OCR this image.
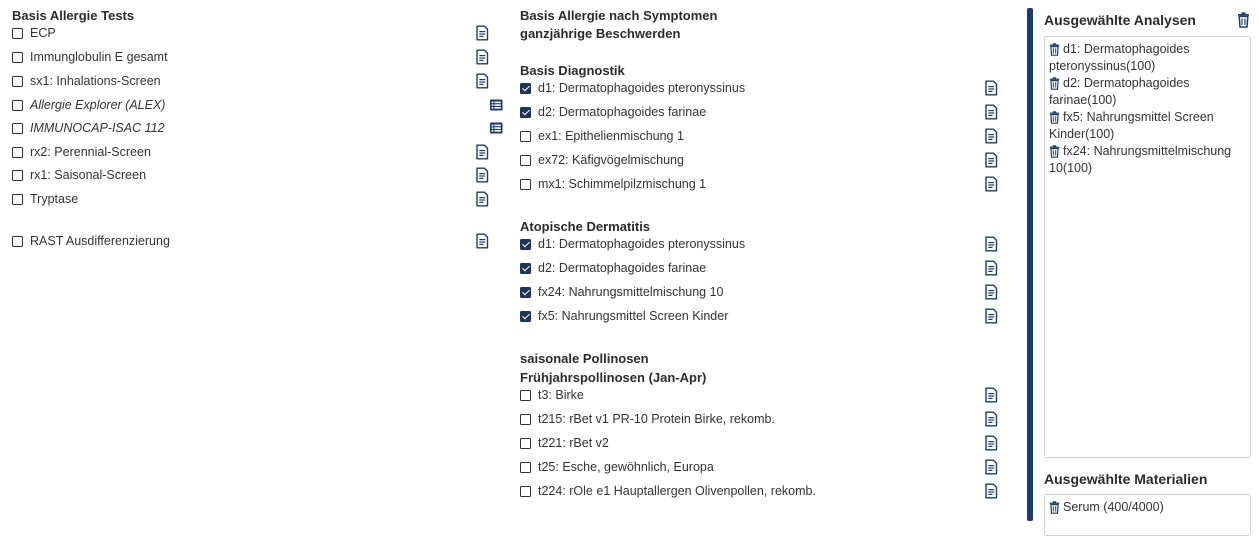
Basis Allergie Tests
ECP
Immunglobulin E gesamt
sx1: Inhalations-Screen
Allergie Explorer (ALEX)
IMMUNOCAP-ISAC 112
rx2: Perennial-Screen
rx1: Saisonal-Screen
Tryptase
RAST Ausdifferenzierung
Basis Allergie nach Symptomen
ganzjährige Beschwerden
Basis Diagnostik
d1: Dermatophagoides pteronyssinus
d2: Dermatophagoides farinae
ex1: Epithelienmischung 1
ex72: Käfigvögelmischung
mx1: Schimmelpilzmischung 1
Atopische Dermatitis
d1: Dermatophagoides pteronyssinus
d2: Dermatophagoides farinae
fx24: Nahrungsmittelmischung 10
fx5: Nahrungsmittel Screen Kinder
saisonale Pollinosen
Frühjahrspollinosen (Jan-Apr)
t3: Birke
t215: rBet v1 PR-10 Protein Birke, rekomb.
t221: rBet v2
t25: Esche, gewöhnlich, Europa
t224: rOle e1 Hauptallergen Olivenpollen, rekomb.
Ausgewählte Analysen
d1: Dermatophagoides
pteronyssinus(100)
d2: Dermatophagoides
farinae(100)
fx5: Nahrungsmittel Screen
Kinder(100)
fx24: Nahrungsmittelmischung
10(100)
Ausgewählte Materialien
Serum (400/4000)
